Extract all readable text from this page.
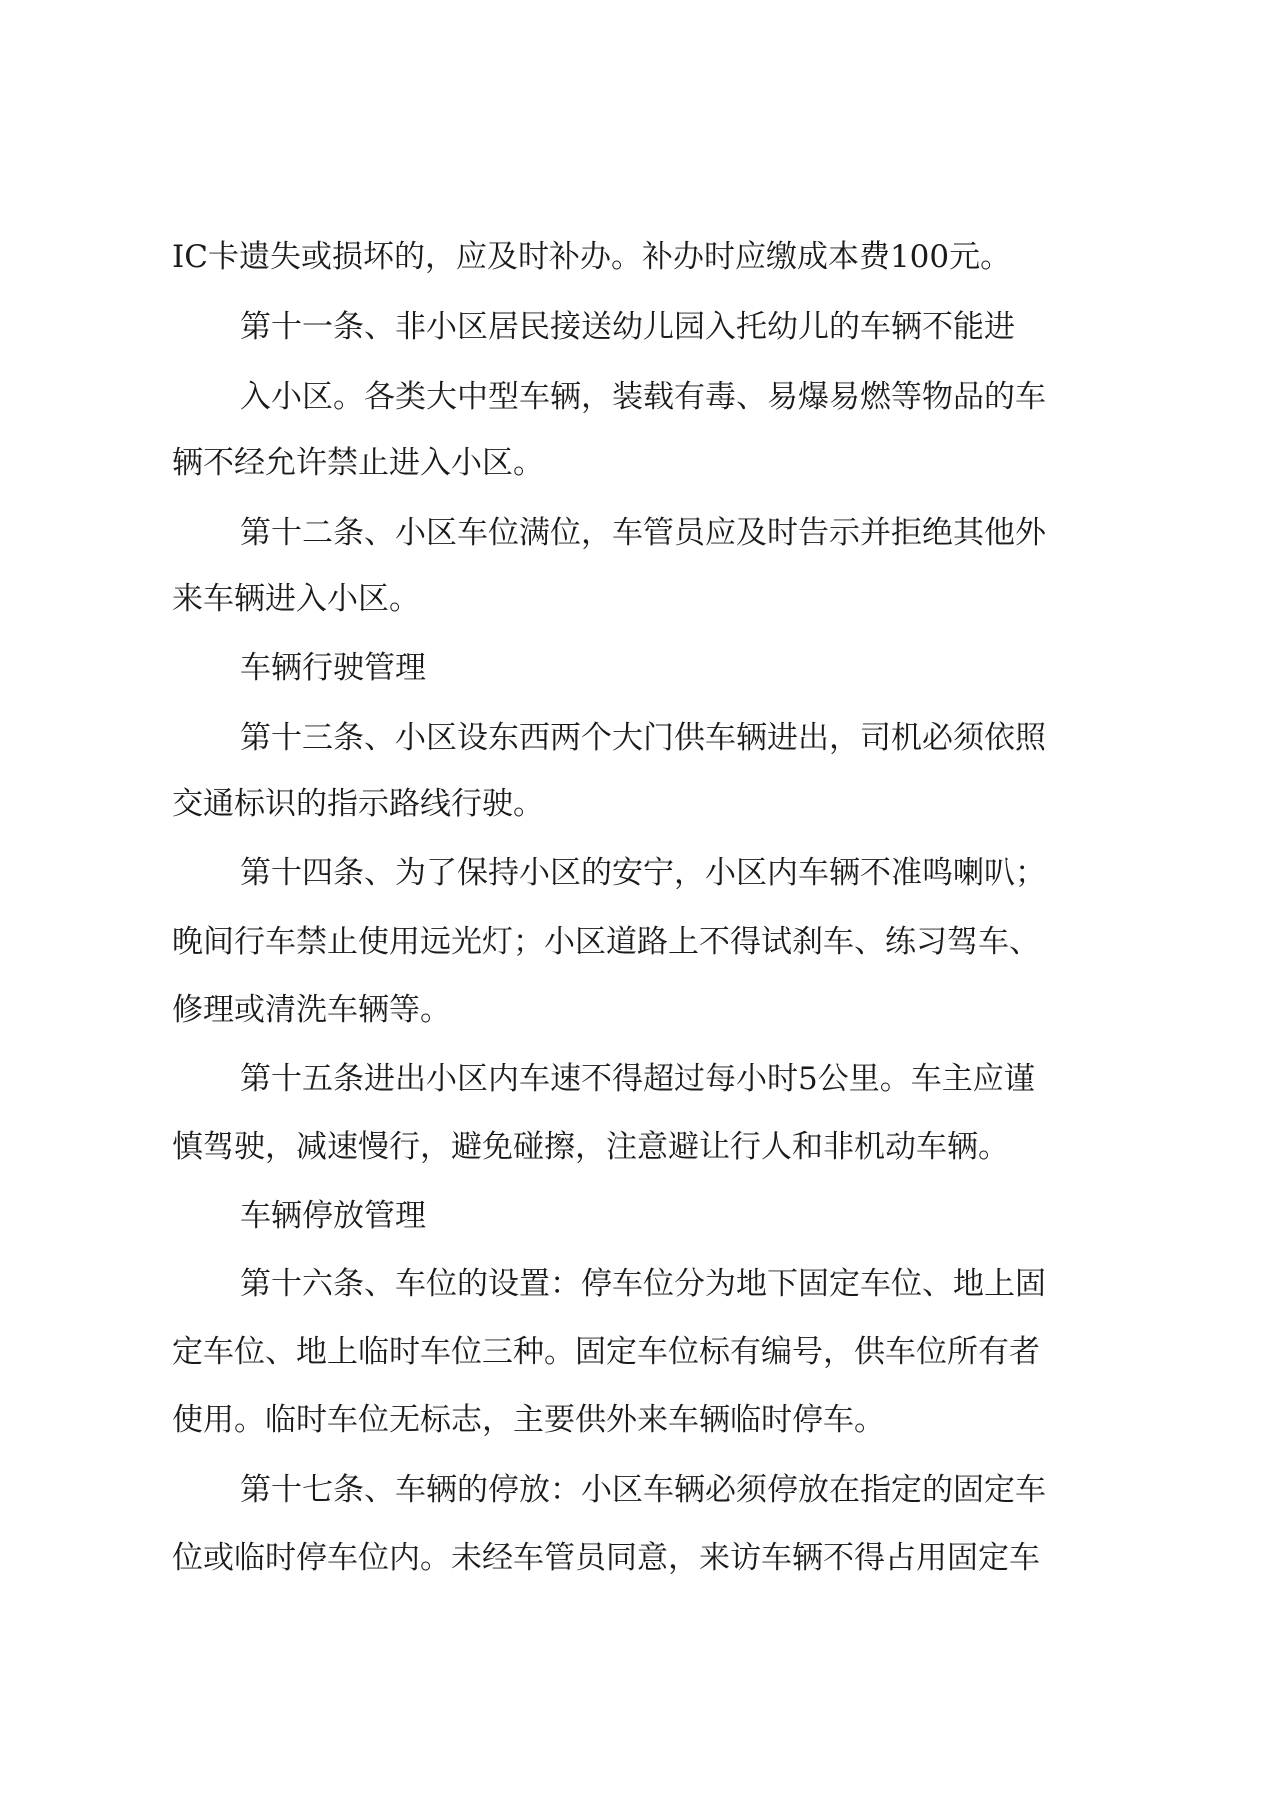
IC卡遗失或损坏的，应及时补办。补办时应缴成本费100元。
第十一条、非小区居民接送幼儿园入托幼儿的车辆不能进
入小区。各类大中型车辆，装载有毒、易爆易燃等物品的车
辆不经允许禁止进入小区。
第十二条、小区车位满位，车管员应及时告示并拒绝其他外
来车辆进入小区。
车辆行驶管理
第十三条、小区设东西两个大门供车辆进出，司机必须依照
交通标识的指示路线行驶。
第十四条、为了保持小区的安宁，小区内车辆不准鸣喇叭；
晚间行车禁止使用远光灯；小区道路上不得试刹车、练习驾车、
修理或清洗车辆等。
第十五条进出小区内车速不得超过每小时5公里。车主应谨
慎驾驶，减速慢行，避免碰擦，注意避让行人和非机动车辆。
车辆停放管理
第十六条、车位的设置：停车位分为地下固定车位、地上固
定车位、地上临时车位三种。固定车位标有编号，供车位所有者
使用。临时车位无标志，主要供外来车辆临时停车。
第十七条、车辆的停放：小区车辆必须停放在指定的固定车
位或临时停车位内。未经车管员同意，来访车辆不得占用固定车
